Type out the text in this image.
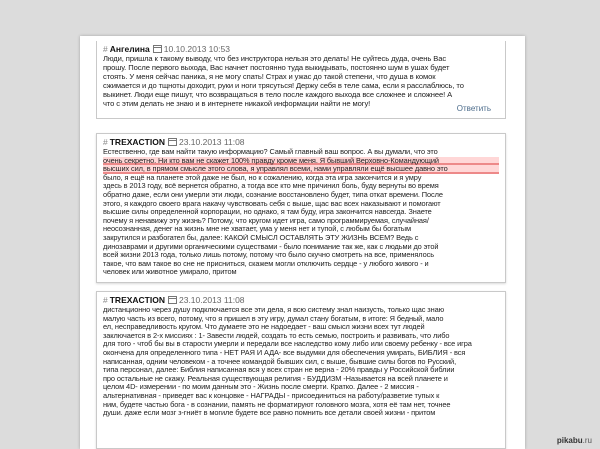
# Ангелина 10.10.2013 10:53
Люди, пришла к такому выводу, что без инструктора нельзя это делать! Не суйтесь дуда, очень Вас
прошу. После первого выхода, Вас начнет постоянно туда выкидывать, постоянно шум в ушах будет
стоять. У меня сейчас паника, я не могу спать! Страх и ужас до такой степени, что душа в комок
сжимается и до тщноты доходит, руки и ноги трясуться! Держу себя в теле сама, если я расслаблюсь, то
выкинет. Люди еще пишут, что возвращаться в тело после каждого выхода все сложнее и сложнее! А
что с этим делать не знаю и в интернете никакой информации найти не могу!
Ответить
# TREXACTION 23.10.2013 11:08
Естественно, где вам найти такую информацию? Самый главный ваш вопрос. А вы думали, что это
очень секретно. Ни кто вам не скажет 100% правду кроме меня. Я бывший Верховно-Командующий
высших сил, в прямом смысле этого слова, я управлял всеми, нами управляли ещё высшее давно это
было, я ещё на планете этой даже не был, но к сожалению, когда эта игра закончится и я умру
здесь в 2013 году, всё вернется обратно, а тогда все кто мне причинил боль, буду вернуты во время
обратно даже, если они умерли эти люди, сознание восстановлено будет, типа откат времени. После
этого, я каждого своего врага накачу чувствовать себя с выше, щас вас всех наказывают и помогают
высшие силы определенной корпорации, но однако, я там буду, игра закончится навсегда. Знаете
почему я ненавижу эту жизнь? Потому, что кругом идет игра, само программируемая, случайная/
неосознанная, денег на жизнь мне не хватает, ума у меня нет и тупой, с любым бы богатым
закрутился и разбогател бы, далее: КАКОЙ СМЫСЛ ОСТАВЛЯТЬ ЭТУ ЖИЗНЬ ВСЕМ? Ведь с
динозаврами и другими органическими существами - было понимание так же, как с людьми до этой
всей жизни 2013 года, только лишь потому, потому что было скучно смотреть на все, применялось
такое, что вам такое во сне не присниться, скажем могли отключить сердце - у любого живого - и
человек или животное умирало, притом
# TREXACTION 23.10.2013 11:08
дистанционно через душу подключается все эти дела, я всю систему знал наизусть, только щас знаю
малую часть из всего, потому, что я пришел в эту игру, думал стану богатым, в итоге: Я бедный, мало
ел, несправедливость кругом. Что думаете это не надоедает - ваш смысл жизни всех тут людей
заключается в 2-х миссиях : 1- Завести людей, создать то есть семью, построить и развивать, что либо
для того - чтоб бы вы в старости умерли и передали все наследство кому либо или своему ребенку - все игра
окончена для определенного типа - НЕТ РАЯ И АДА- все выдумки для обеспечения умирать, БИБЛИЯ - вся
написанная, одним человеком - а точнее командой бывших сил, с выше, бывшие силы богов по Русский,
типа персонал, далее: Библия написанная вся у всех стран не верна - 20% правды у Российской библии
про остальные не скажу. Реальная существующая религия - БУДДИЗМ -Называется на всей планете и
целом 4D- измерении - по моим данным это - Жизнь после смерти. Кратко. Далее - 2 миссия -
альтернативная - приведет вас к концовке - НАГРАДЫ - присоединиться на работу/разветие тупых к
ним, будете частью бога - в сознании, память не форматируют головного мозга, хотя её там нет, точнее
души. даже если мозг з-гниёт в могиле будете все равно помнить все детали своей жизни - притом
pikabu.ru
